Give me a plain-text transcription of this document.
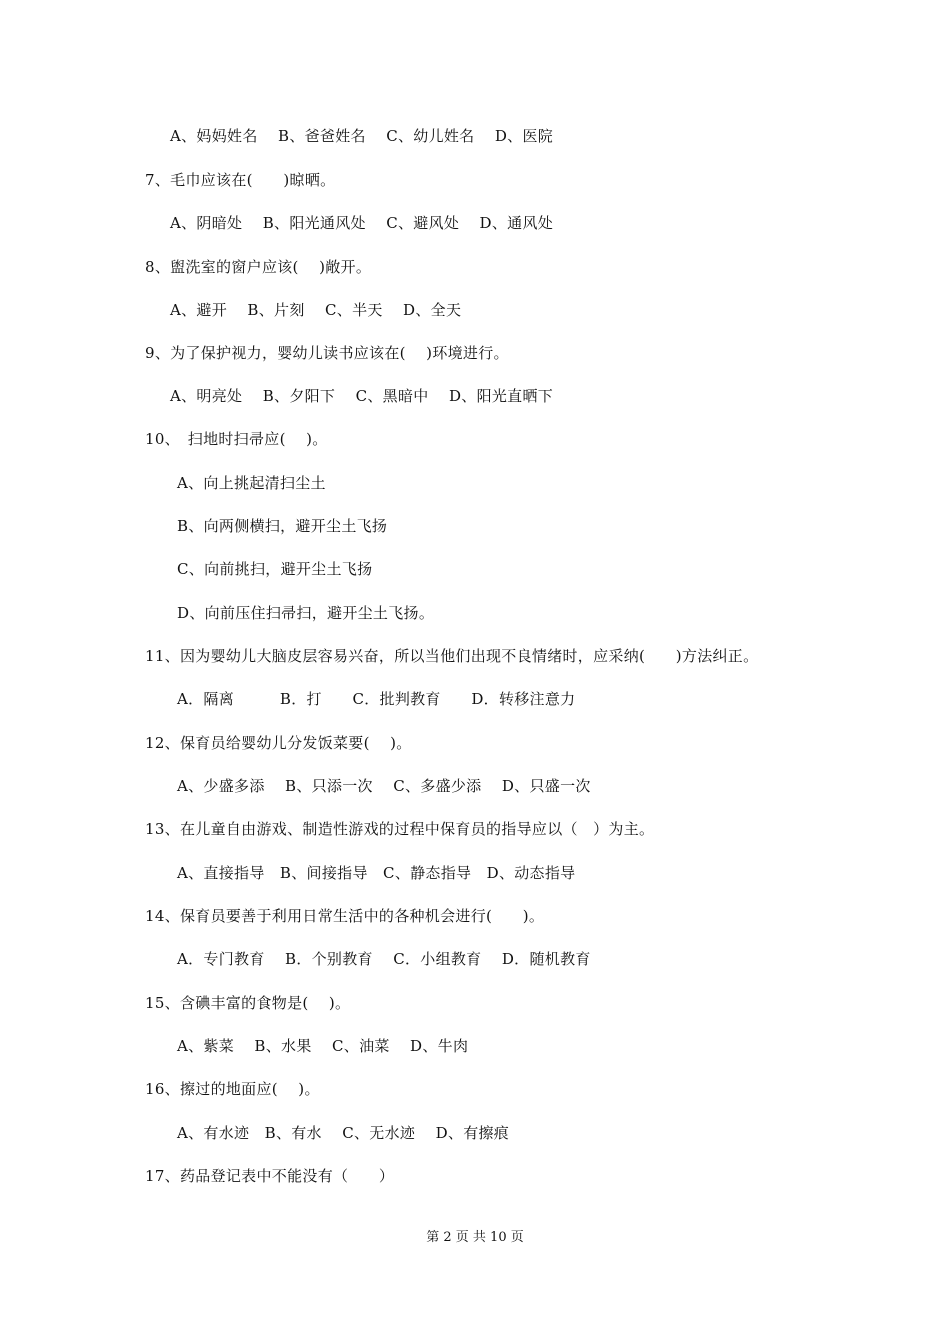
A、妈妈姓名　 B、爸爸姓名　 C、幼儿姓名　 D、医院
7、毛巾应该在(　　)晾晒。
A、阴暗处　 B、阳光通风处　 C、避风处　 D、通风处
8、盥洗室的窗户应该(　 )敞开。
A、避开　 B、片刻　 C、半天　 D、全天
9、为了保护视力，婴幼儿读书应该在(　 )环境进行。
A、明亮处　 B、夕阳下　 C、黑暗中　 D、阳光直晒下
10、　扫地时扫帚应(　 )。
A、向上挑起清扫尘土
B、向两侧横扫，避开尘土飞扬
C、向前挑扫，避开尘土飞扬
D、向前压住扫帚扫，避开尘土飞扬。
11、因为婴幼儿大脑皮层容易兴奋，所以当他们出现不良情绪时，应采纳(　　)方法纠正。
A．隔离　　　B．打　　C．批判教育　　D．转移注意力
12、保育员给婴幼儿分发饭菜要(　 )。
A、少盛多添　 B、只添一次　 C、多盛少添　 D、只盛一次
13、在儿童自由游戏、制造性游戏的过程中保育员的指导应以（　）为主。
A、直接指导　B、间接指导　C、静态指导　D、动态指导
14、保育员要善于利用日常生活中的各种机会进行(　　)。
A．专门教育　 B．个别教育　 C．小组教育　 D．随机教育
15、含碘丰富的食物是(　 )。
A、紫菜　 B、水果　 C、油菜　 D、牛肉
16、擦过的地面应(　 )。
A、有水迹　B、有水　 C、无水迹　 D、有擦痕
17、药品登记表中不能没有（　　）
第 2 页 共 10 页
